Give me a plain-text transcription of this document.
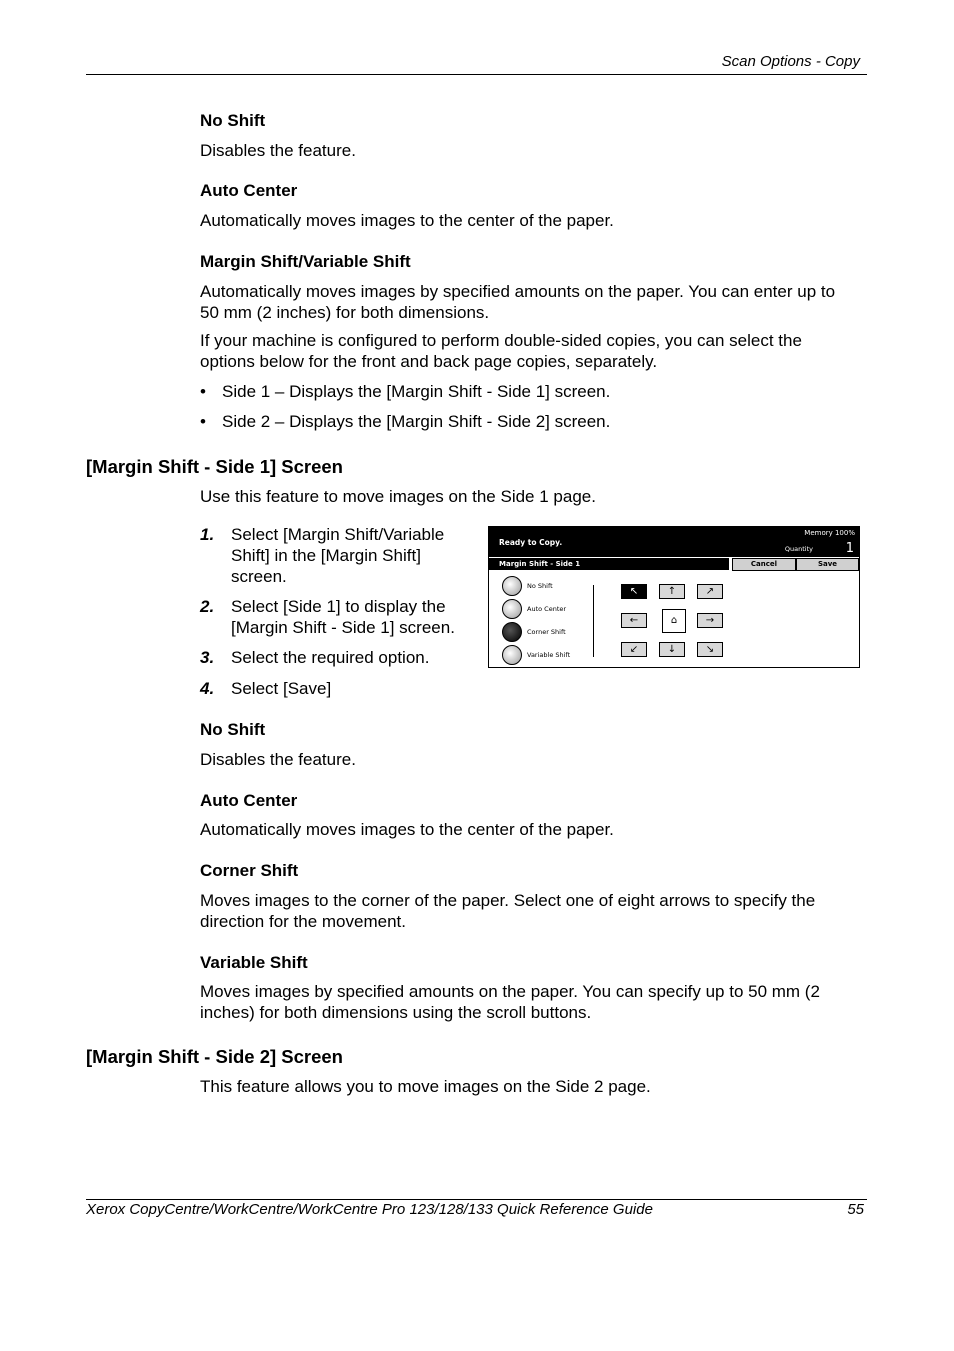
Scan Options - Copy
No Shift
Disables the feature.
Auto Center
Automatically moves images to the center of the paper.
Margin Shift/Variable Shift
Automatically moves images by specified amounts on the paper. You can enter up to
50 mm (2 inches) for both dimensions.
If your machine is configured to perform double-sided copies, you can select the
options below for the front and back page copies, separately.
• Side 1 – Displays the [Margin Shift - Side 1] screen.
• Side 2 – Displays the [Margin Shift - Side 2] screen.
[Margin Shift - Side 1] Screen
Use this feature to move images on the Side 1 page.
1. Select [Margin Shift/Variable
Shift] in the [Margin Shift]
screen.
2. Select [Side 1] to display the
[Margin Shift - Side 1] screen.
3. Select the required option.
4. Select [Save]
Ready to Copy.
Memory 100%
Quantity	1
Margin Shift - Side 1	Cancel	Save
No Shift
Auto Center
Corner Shift
Variable Shift
↖	↑	↗
←	⌂	→
↙	↓	↘
No Shift
Disables the feature.
Auto Center
Automatically moves images to the center of the paper.
Corner Shift
Moves images to the corner of the paper. Select one of eight arrows to specify the
direction for the movement.
Variable Shift
Moves images by specified amounts on the paper. You can specify up to 50 mm (2
inches) for both dimensions using the scroll buttons.
[Margin Shift - Side 2] Screen
This feature allows you to move images on the Side 2 page.
Xerox CopyCentre/WorkCentre/WorkCentre Pro 123/128/133 Quick Reference Guide	55
